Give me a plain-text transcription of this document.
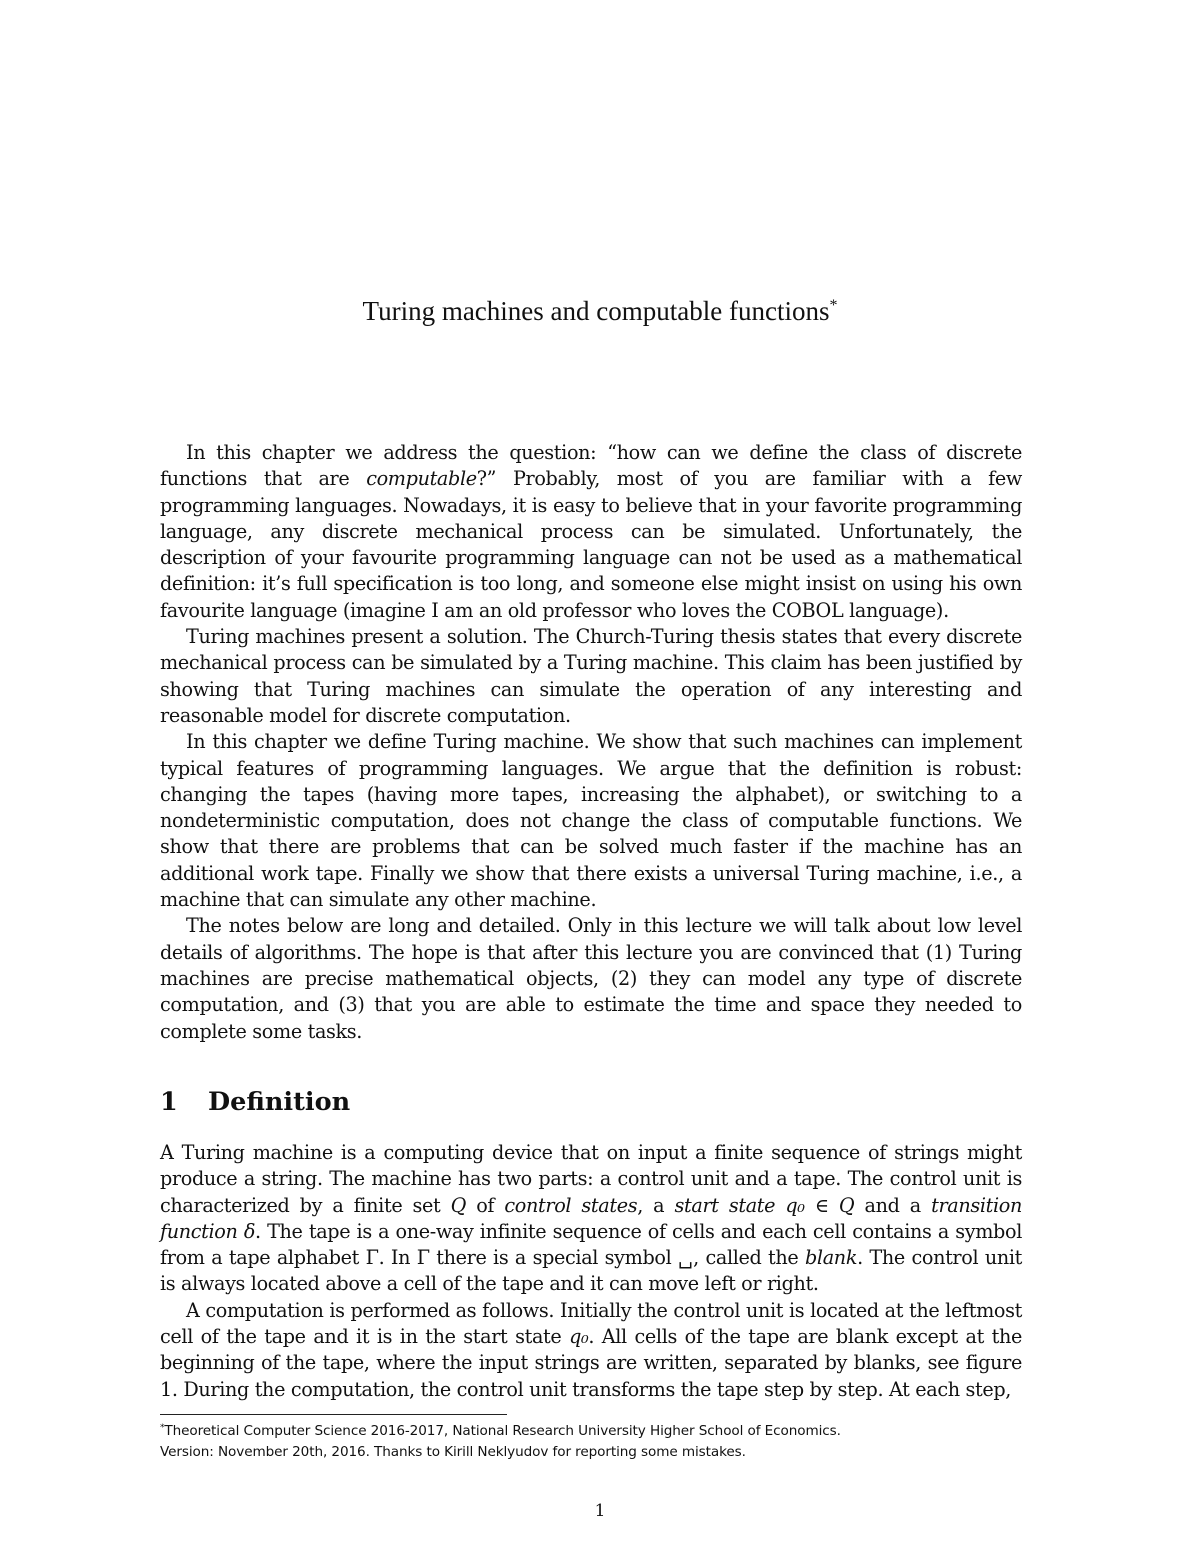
Turing machines and computable functions*

In this chapter we address the question: “how can we define the class of discrete functions that are computable?” Probably, most of you are familiar with a few programming languages. Nowadays, it is easy to believe that in your favorite programming language, any discrete mechanical process can be simulated. Unfortunately, the description of your favourite programming language can not be used as a mathematical definition: it’s full specification is too long, and someone else might insist on using his own favourite language (imagine I am an old professor who loves the COBOL language).

Turing machines present a solution. The Church-Turing thesis states that every discrete mechanical process can be simulated by a Turing machine. This claim has been justified by showing that Turing machines can simulate the operation of any interesting and reasonable model for discrete computation.

In this chapter we define Turing machine. We show that such machines can implement typical features of programming languages. We argue that the definition is robust: changing the tapes (having more tapes, increasing the alphabet), or switching to a nondeterministic computation, does not change the class of computable functions. We show that there are problems that can be solved much faster if the machine has an additional work tape. Finally we show that there exists a universal Turing machine, i.e., a machine that can simulate any other machine.

The notes below are long and detailed. Only in this lecture we will talk about low level details of algorithms. The hope is that after this lecture you are convinced that (1) Turing machines are precise mathematical objects, (2) they can model any type of discrete computation, and (3) that you are able to estimate the time and space they needed to complete some tasks.

1 Definition

A Turing machine is a computing device that on input a finite sequence of strings might produce a string. The machine has two parts: a control unit and a tape. The control unit is characterized by a finite set Q of control states, a start state q₀ ∈ Q and a transition function δ. The tape is a one-way infinite sequence of cells and each cell contains a symbol from a tape alphabet Γ. In Γ there is a special symbol ␣, called the blank. The control unit is always located above a cell of the tape and it can move left or right.

A computation is performed as follows. Initially the control unit is located at the leftmost cell of the tape and it is in the start state q₀. All cells of the tape are blank except at the beginning of the tape, where the input strings are written, separated by blanks, see figure 1. During the computation, the control unit transforms the tape step by step. At each step,

*Theoretical Computer Science 2016-2017, National Research University Higher School of Economics.
Version: November 20th, 2016. Thanks to Kirill Neklyudov for reporting some mistakes.
1
